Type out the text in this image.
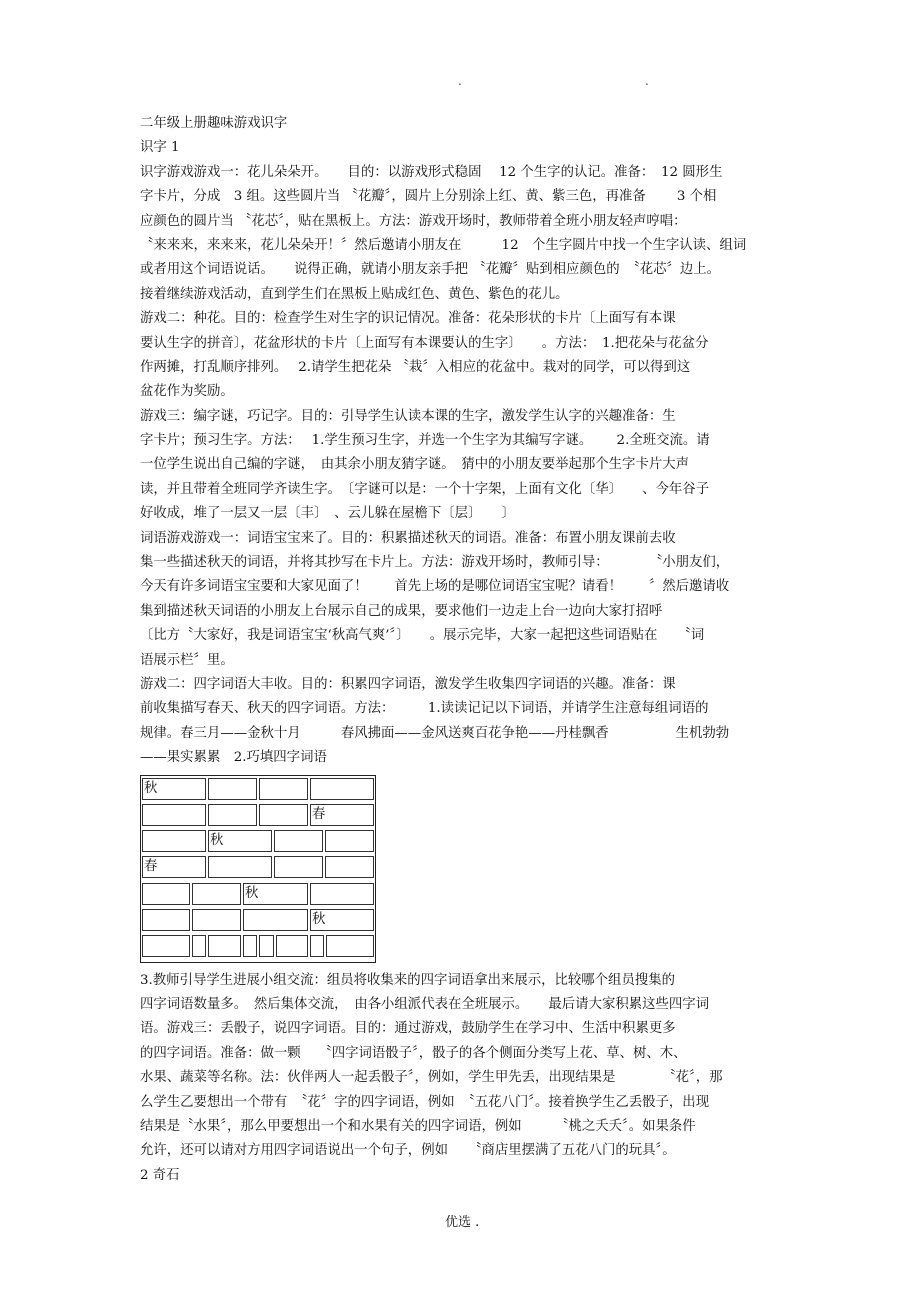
.	.
二年级上册趣味游戏识字
识字 1
识字游戏游戏一：花儿朵朵开。　　目的：以游戏形式稳固　 12 个生字的认记。准备：　12 圆形生
字卡片，分成　3 组。这些圆片当 〝花瓣〞，圆片上分别涂上红、黄、紫三色，再准备　　 3 个相
应颜色的圆片当 〝花芯〞，贴在黑板上。方法：游戏开场时，教师带着全班小朋友轻声哼唱：
〝来来来，来来来，花儿朵朵开！〞然后邀请小朋友在　　　12　个生字圆片中找一个生字认读、组词
或者用这个词语说话。　　说得正确，就请小朋友亲手把 〝花瓣〞贴到相应颜色的　〝花芯〞边上。
接着继续游戏活动，直到学生们在黑板上贴成红色、黄色、紫色的花儿。
游戏二：种花。目的：检查学生对生字的识记情况。准备：花朵形状的卡片〔上面写有本课
要认生字的拼音〕，花盆形状的卡片〔上面写有本课要认的生字〕　　。方法：　1.把花朵与花盆分
作两摊，打乱顺序排列。　 2.请学生把花朵 〝栽〞入相应的花盆中。栽对的同学，可以得到这
盆花作为奖励。
游戏三：编字谜，巧记字。目的：引导学生认读本课的生字，激发学生认字的兴趣准备：生
字卡片；预习生字。方法：　 1.学生预习生字，并选一个生字为其编写字谜。　　 2.全班交流。请
一位学生说出自己编的字谜，　由其余小朋友猜字谜。　猜中的小朋友要举起那个生字卡片大声
读，并且带着全班同学齐读生字。　〔字谜可以是：一个十字架，上面有文化〔华〕　　、今年谷子
好收成，堆了一层又一层〔丰〕　、云儿躲在屋檐下〔层〕　　〕
词语游戏游戏一：词语宝宝来了。目的：积累描述秋天的词语。准备：布置小朋友课前去收
集一些描述秋天的词语，并将其抄写在卡片上。方法：游戏开场时，教师引导：　　　　〝小朋友们，
今天有许多词语宝宝要和大家见面了！　　首先上场的是哪位词语宝宝呢？请看！　　〞然后邀请收
集到描述秋天词语的小朋友上台展示自己的成果，要求他们一边走上台一边向大家打招呼
〔比方〝大家好，我是词语宝宝‘秋高气爽’〞〕　　。展示完毕，大家一起把这些词语贴在　　〝词
语展示栏〞里。
游戏二：四字词语大丰收。目的：积累四字词语，激发学生收集四字词语的兴趣。准备：课
前收集描写春天、秋天的四字词语。方法：　　　1.读读记记以下词语，并请学生注意每组词语的
规律。春三月——金秋十月　　　春风拂面——金风送爽百花争艳——丹桂飘香　　　　　生机勃勃
——果实累累　2.巧填四字词语
秋
春
秋
春
秋
秋
3.教师引导学生进展小组交流：组员将收集来的四字词语拿出来展示，比较哪个组员搜集的
四字词语数量多。　然后集体交流，　由各小组派代表在全班展示。　　最后请大家积累这些四字词
语。游戏三：丢骰子，说四字词语。目的：通过游戏，鼓励学生在学习中、生活中积累更多
的四字词语。准备：做一颗　 〝四字词语骰子〞，骰子的各个侧面分类写上花、草、树、木、
水果、蔬菜等名称。法：伙伴两人一起丢骰子〞，例如，学生甲先丢，出现结果是　　　　〝花〞，那
么学生乙要想出一个带有　〝花〞字的四字词语，例如　〝五花八门〞。接着换学生乙丢骰子，出现
结果是〝水果〞，那么甲要想出一个和水果有关的四字词语，例如　　　〝桃之夭夭〞。如果条件
允许，还可以请对方用四字词语说出一个句子，例如　　〝商店里摆满了五花八门的玩具〞。
2 奇石
优选 .
